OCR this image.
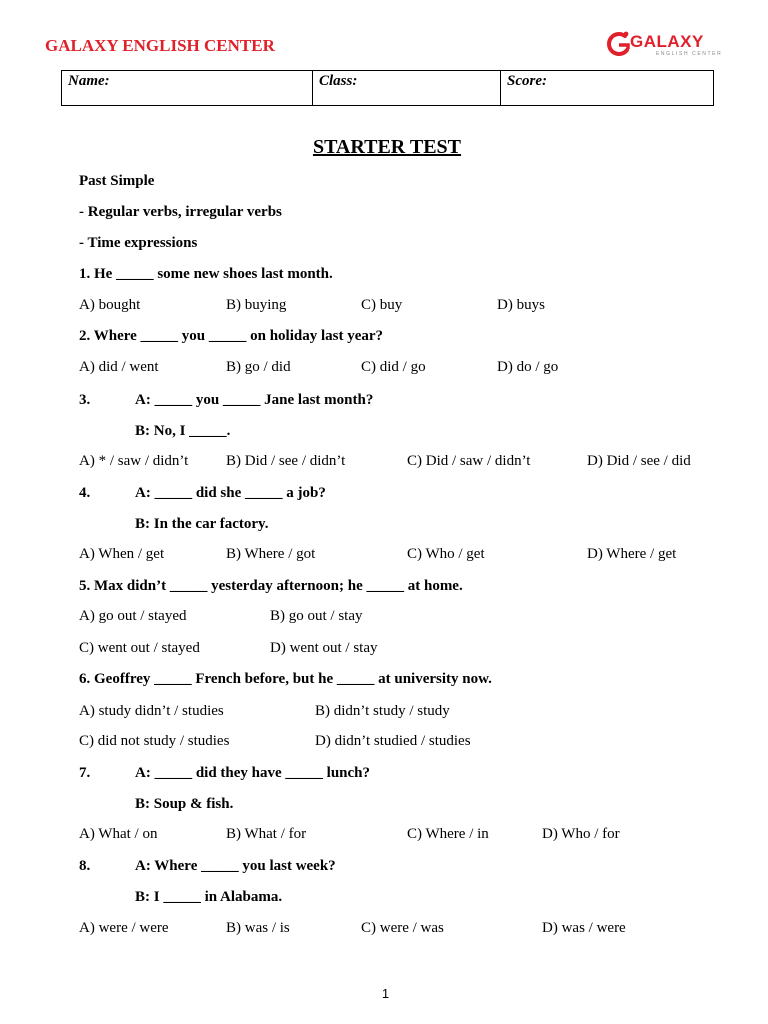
GALAXY ENGLISH CENTER	GALAXY
ENGLISH CENTER
Name:	Class:	Score:
STARTER TEST
Past Simple
- Regular verbs, irregular verbs
- Time expressions
1. He _____ some new shoes last month.
A) bought	B) buying	C) buy	D) buys
2. Where _____ you _____ on holiday last year?
A) did / went	B) go / did	C) did / go	D) do / go
3.	A: _____ you _____ Jane last month?
B: No, I _____.
A) * / saw / didn’t	B) Did / see / didn’t	C) Did / saw / didn’t	D) Did / see / did
4.	A: _____ did she _____ a job?
B: In the car factory.
A) When / get	B) Where / got	C) Who / get	D) Where / get
5. Max didn’t _____ yesterday afternoon; he _____ at home.
A) go out / stayed	B) go out / stay
C) went out / stayed	D) went out / stay
6. Geoffrey _____ French before, but he _____ at university now.
A) study didn’t / studies	B) didn’t study / study
C) did not study / studies	D) didn’t studied / studies
7.	A: _____ did they have _____ lunch?
B: Soup & fish.
A) What / on	B) What / for	C) Where / in	D) Who / for
8.	A: Where _____ you last week?
B: I _____ in Alabama.
A) were / were	B) was / is	C) were / was	D) was / were
1
